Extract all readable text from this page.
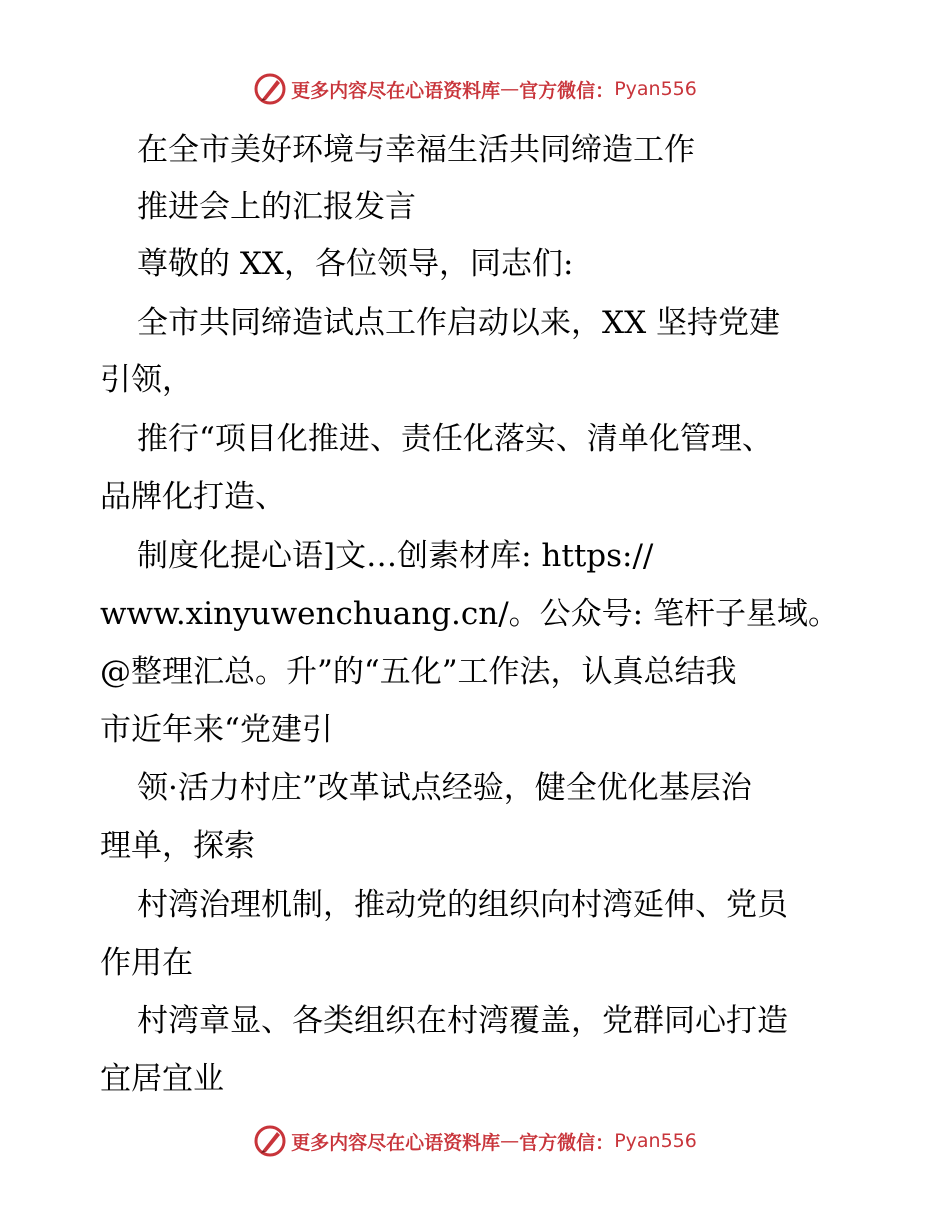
更多内容尽在心语资料库 — 官方微信： Pyan556
在全市美好环境与幸福生活共同缔造工作
推进会上的汇报发言
尊敬的 XX，各位领导，同志们:
全市共同缔造试点工作启动以来，XX 坚持党建
引领，
推行“项目化推进、责任化落实、清单化管理、
品牌化打造、
制度化提心语]文…创素材库: https://
www.xinyuwenchuang.cn/。公众号: 笔杆子星域。
@整理汇总。升”的“五化”工作法，认真总结我
市近年来“党建引
领·活力村庄”改革试点经验，健全优化基层治
理单，探索
村湾治理机制，推动党的组织向村湾延伸、党员
作用在
村湾章显、各类组织在村湾覆盖，党群同心打造
宜居宜业
更多内容尽在心语资料库 — 官方微信： Pyan556
